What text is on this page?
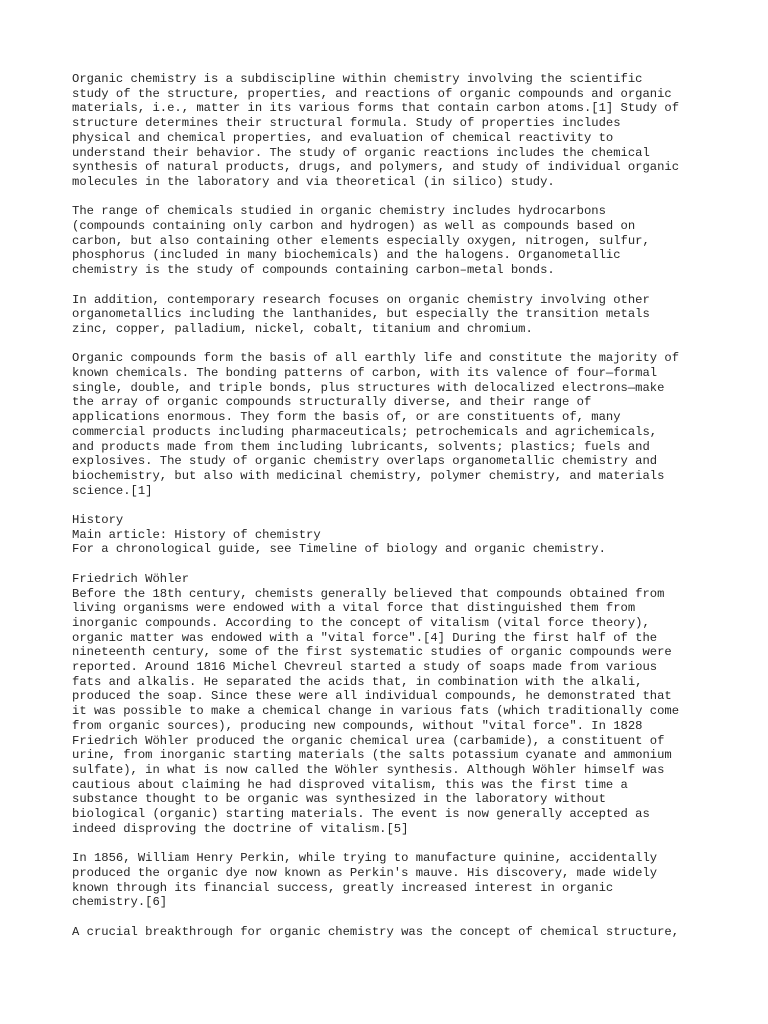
Organic chemistry is a subdiscipline within chemistry involving the scientific
study of the structure, properties, and reactions of organic compounds and organic
materials, i.e., matter in its various forms that contain carbon atoms.[1] Study of
structure determines their structural formula. Study of properties includes
physical and chemical properties, and evaluation of chemical reactivity to
understand their behavior. The study of organic reactions includes the chemical
synthesis of natural products, drugs, and polymers, and study of individual organic
molecules in the laboratory and via theoretical (in silico) study.
The range of chemicals studied in organic chemistry includes hydrocarbons
(compounds containing only carbon and hydrogen) as well as compounds based on
carbon, but also containing other elements especially oxygen, nitrogen, sulfur,
phosphorus (included in many biochemicals) and the halogens. Organometallic
chemistry is the study of compounds containing carbon–metal bonds.
In addition, contemporary research focuses on organic chemistry involving other
organometallics including the lanthanides, but especially the transition metals
zinc, copper, palladium, nickel, cobalt, titanium and chromium.
Organic compounds form the basis of all earthly life and constitute the majority of
known chemicals. The bonding patterns of carbon, with its valence of four—formal
single, double, and triple bonds, plus structures with delocalized electrons—make
the array of organic compounds structurally diverse, and their range of
applications enormous. They form the basis of, or are constituents of, many
commercial products including pharmaceuticals; petrochemicals and agrichemicals,
and products made from them including lubricants, solvents; plastics; fuels and
explosives. The study of organic chemistry overlaps organometallic chemistry and
biochemistry, but also with medicinal chemistry, polymer chemistry, and materials
science.[1]
History
Main article: History of chemistry
For a chronological guide, see Timeline of biology and organic chemistry.
Friedrich Wöhler
Before the 18th century, chemists generally believed that compounds obtained from
living organisms were endowed with a vital force that distinguished them from
inorganic compounds. According to the concept of vitalism (vital force theory),
organic matter was endowed with a "vital force".[4] During the first half of the
nineteenth century, some of the first systematic studies of organic compounds were
reported. Around 1816 Michel Chevreul started a study of soaps made from various
fats and alkalis. He separated the acids that, in combination with the alkali,
produced the soap. Since these were all individual compounds, he demonstrated that
it was possible to make a chemical change in various fats (which traditionally come
from organic sources), producing new compounds, without "vital force". In 1828
Friedrich Wöhler produced the organic chemical urea (carbamide), a constituent of
urine, from inorganic starting materials (the salts potassium cyanate and ammonium
sulfate), in what is now called the Wöhler synthesis. Although Wöhler himself was
cautious about claiming he had disproved vitalism, this was the first time a
substance thought to be organic was synthesized in the laboratory without
biological (organic) starting materials. The event is now generally accepted as
indeed disproving the doctrine of vitalism.[5]
In 1856, William Henry Perkin, while trying to manufacture quinine, accidentally
produced the organic dye now known as Perkin's mauve. His discovery, made widely
known through its financial success, greatly increased interest in organic
chemistry.[6]
A crucial breakthrough for organic chemistry was the concept of chemical structure,
